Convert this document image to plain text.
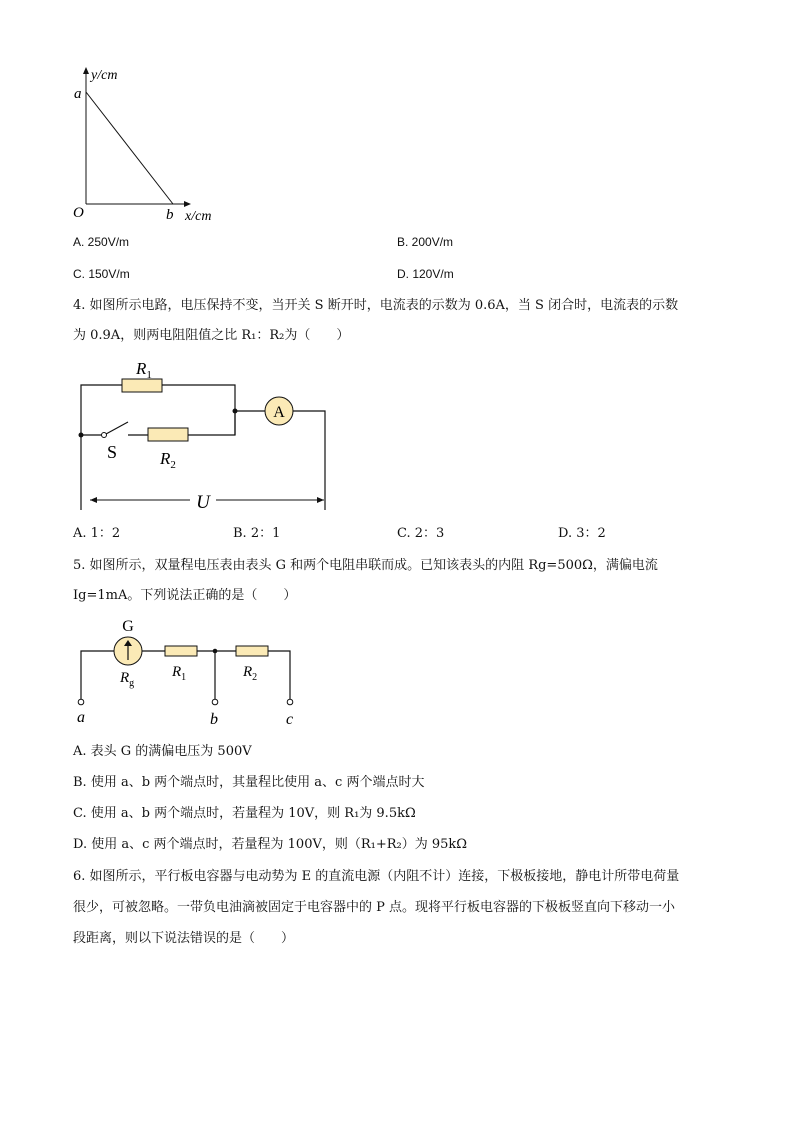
y/cm
a
O	b x/cm
A. 250V/m	B. 200V/m
C. 150V/m	D. 120V/m
4. 如图所示电路，电压保持不变，当开关 S 断开时，电流表的示数为 0.6A，当 S 闭合时，电流表的示数
为 0.9A，则两电阻阻值之比 R₁：R₂为（　　）
A
U
$R_1$
S	$R_2$
A. 1：2	B. 2：1	C. 2：3	D. 3：2
5. 如图所示，双量程电压表由表头 G 和两个电阻串联而成。已知该表头的内阻 Rg=500Ω，满偏电流
Ig=1mA。下列说法正确的是（　　）
G
$R_g$
$R_1$	$R_2$
a	b	c
A. 表头 G 的满偏电压为 500V
B. 使用 a、b 两个端点时，其量程比使用 a、c 两个端点时大
C. 使用 a、b 两个端点时，若量程为 10V，则 R₁为 9.5kΩ
D. 使用 a、c 两个端点时，若量程为 100V，则（R₁+R₂）为 95kΩ
6. 如图所示，平行板电容器与电动势为 E 的直流电源（内阻不计）连接，下极板接地，静电计所带电荷量
很少，可被忽略。一带负电油滴被固定于电容器中的 P 点。现将平行板电容器的下极板竖直向下移动一小
段距离，则以下说法错误的是（　　）
